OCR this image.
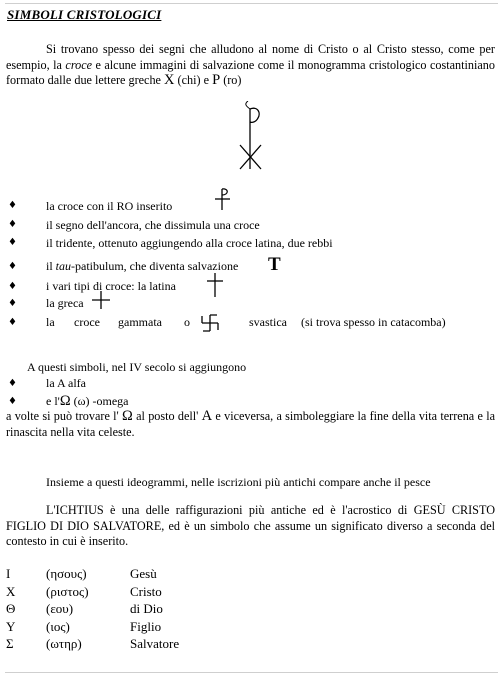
SIMBOLI CRISTOLOGICI
Si trovano spesso dei segni che alludono al nome di Cristo o al Cristo stesso, come per esempio, la croce e alcune immagini di salvazione come il monogramma cristologico costantiniano formato dalle due lettere greche X (chi) e P (ro)
♦ la croce con il RO inserito
♦ il segno dell'ancora, che dissimula una croce
♦ il tridente, ottenuto aggiungendo alla croce latina, due rebbi
♦ il tau-patibulum, che diventa salvazione T
♦ i vari tipi di croce: la latina
♦ la greca
♦ la croce gammata o	svastica (si trova spesso in catacomba)
A questi simboli, nel IV secolo si aggiungono
♦ la A alfa
♦ e l'Ω (ω) -omega
a volte si può trovare l' Ω al posto dell' A e viceversa, a simboleggiare la fine della vita terrena e la rinascita nella vita celeste.
Insieme a questi ideogrammi, nelle iscrizioni più antichi compare anche il pesce
L'ICHTIUS è una delle raffigurazioni più antiche ed è l'acrostico di GESÙ CRISTO FIGLIO DI DIO SALVATORE, ed è un simbolo che assume un significato diverso a seconda del contesto in cui è inserito.
Ι	(ησους)	Gesù
Χ (ριστος)	Cristo
Θ (εου)	di Dio
Υ (ιος)	Figlio
Σ (ωτηρ)	Salvatore
